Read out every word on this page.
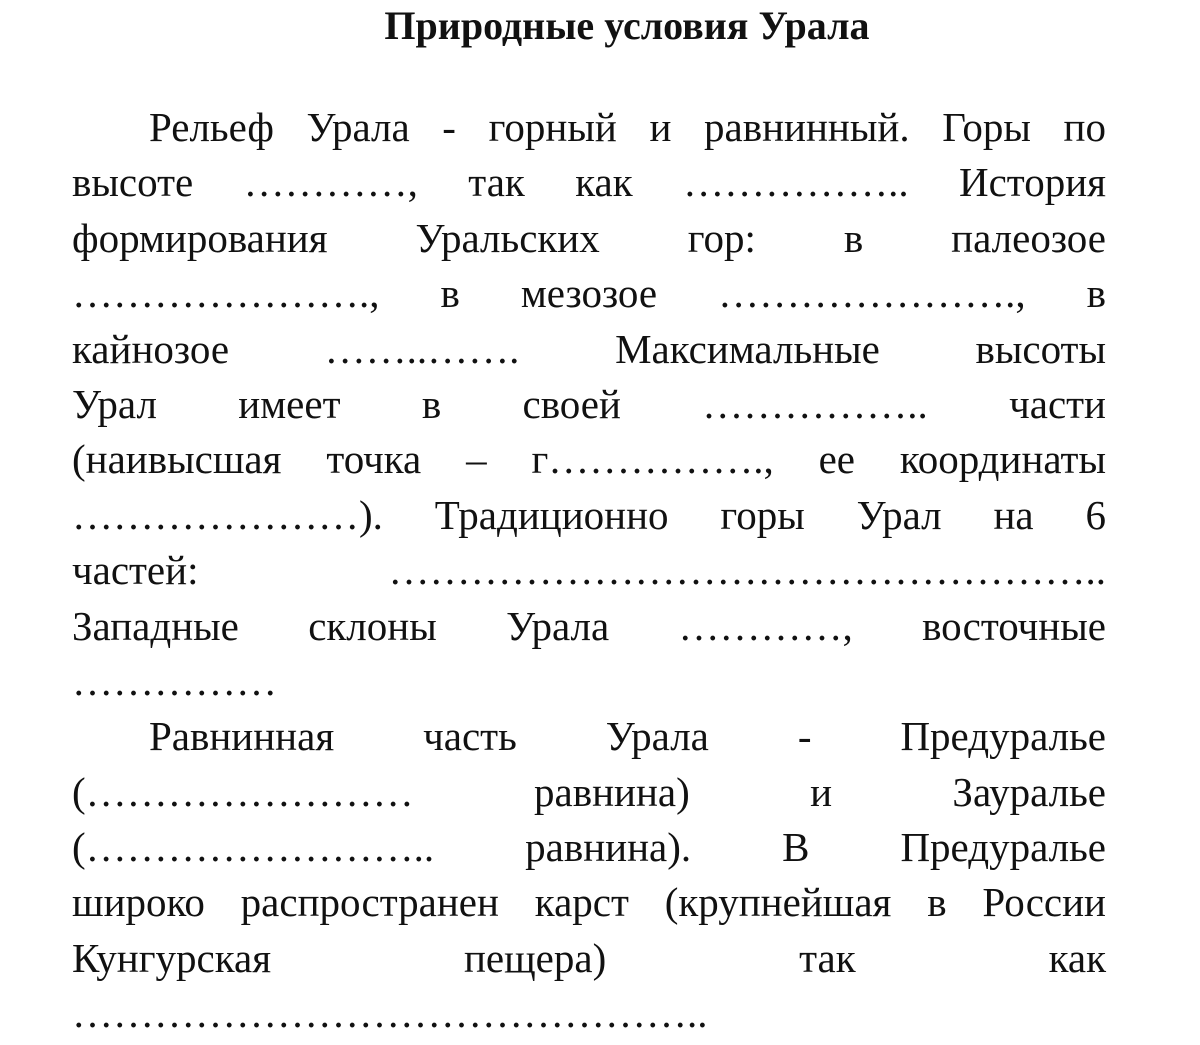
Природные условия Урала
Рельеф Урала - горный и равнинный. Горы по
высоте …………, так как …………….. История
формирования Уральских гор: в палеозое
…………………., в мезозое …………………., в
кайнозое ……..……. Максимальные высоты
Урал имеет в своей …………….. части
(наивысшая точка – г……………., ее координаты
…………………). Традиционно горы Урал на 6
частей: ……………………………………………..
Западные склоны Урала …………, восточные
……………
Равнинная часть Урала - Предуралье
(…………………… равнина) и Зауралье
(…………………….. равнина). В Предуралье
широко распространен карст (крупнейшая в России
Кунгурская пещера) так как
………………………………………..
